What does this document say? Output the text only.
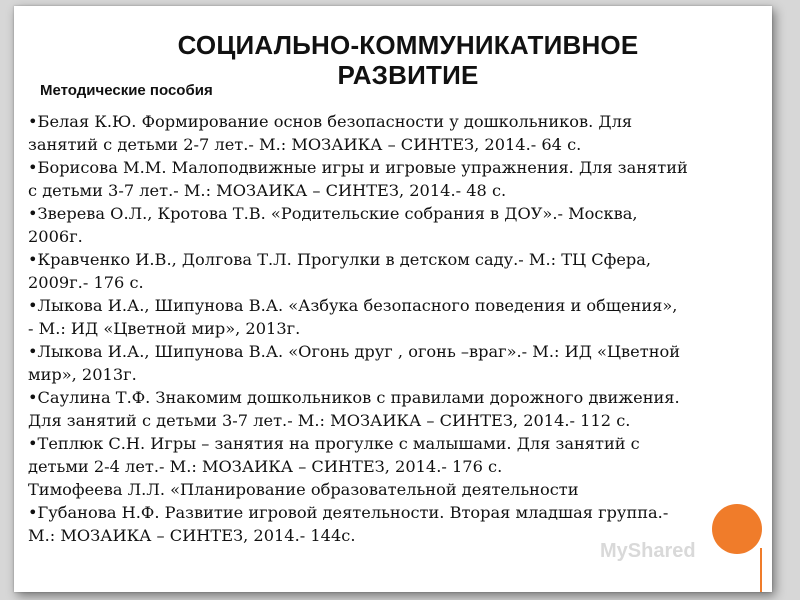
СОЦИАЛЬНО-КОММУНИКАТИВНОЕ
РАЗВИТИЕ
Методические пособия

•Белая К.Ю. Формирование основ безопасности у дошкольников. Для
занятий с детьми 2-7 лет.- М.: МОЗАИКА – СИНТЕЗ, 2014.- 64 с.

•Борисова М.М. Малоподвижные игры и игровые упражнения. Для занятий
с детьми 3-7 лет.- М.: МОЗАИКА – СИНТЕЗ, 2014.- 48 с.

•Зверева О.Л., Кротова Т.В. «Родительские собрания в ДОУ».- Москва,
2006г.

•Кравченко И.В., Долгова Т.Л. Прогулки в детском саду.- М.: ТЦ Сфера,
2009г.- 176 с.

•Лыкова И.А., Шипунова В.А. «Азбука безопасного поведения и общения»,
- М.: ИД «Цветной мир», 2013г.

•Лыкова И.А., Шипунова В.А. «Огонь друг , огонь –враг».- М.: ИД «Цветной
мир», 2013г.

•Саулина Т.Ф. Знакомим дошкольников с правилами дорожного движения.
Для занятий с детьми 3-7 лет.- М.: МОЗАИКА – СИНТЕЗ, 2014.- 112 с.

•Теплюк С.Н. Игры – занятия на прогулке с малышами. Для занятий с
детьми 2-4 лет.- М.: МОЗАИКА – СИНТЕЗ, 2014.- 176 с.

Тимофеева Л.Л. «Планирование образовательной деятельности

•Губанова Н.Ф. Развитие игровой деятельности. Вторая младшая группа.-
М.: МОЗАИКА – СИНТЕЗ, 2014.- 144с.

MyShared
